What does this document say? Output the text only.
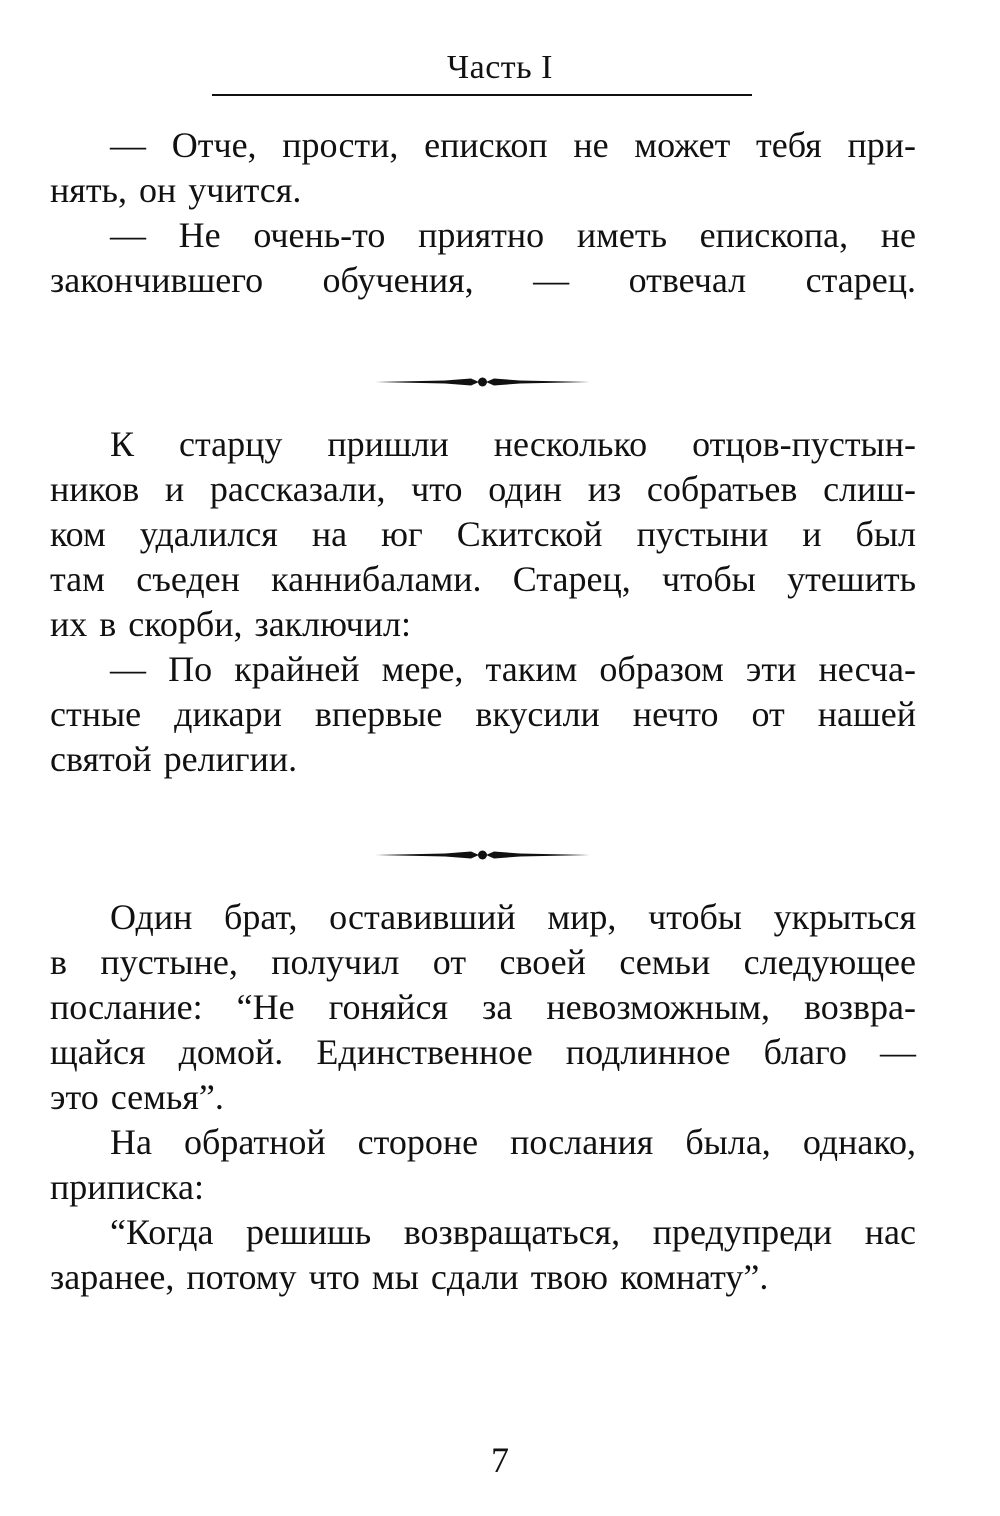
Часть I
— Отче, прости, епископ не может тебя при-
нять, он учится.
— Не очень-то приятно иметь епископа, не
закончившего обучения, — отвечал старец.
К старцу пришли несколько отцов-пустын-
ников и рассказали, что один из собратьев слиш-
ком удалился на юг Скитской пустыни и был
там съеден каннибалами. Старец, чтобы утешить
их в скорби, заключил:
— По крайней мере, таким образом эти несча-
стные дикари впервые вкусили нечто от нашей
святой религии.
Один брат, оставивший мир, чтобы укрыться
в пустыне, получил от своей семьи следующее
послание: “Не гоняйся за невозможным, возвра-
щайся домой. Единственное подлинное благо —
это семья”.
На обратной стороне послания была, однако,
приписка:
“Когда решишь возвращаться, предупреди нас
заранее, потому что мы сдали твою комнату”.
7
